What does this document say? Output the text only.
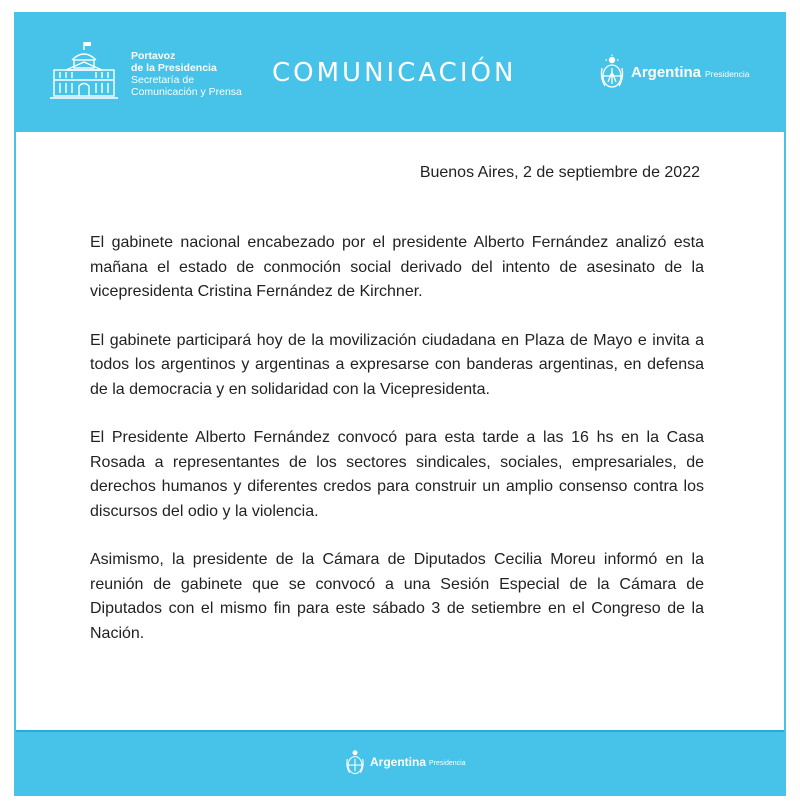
Portavoz
de la Presidencia
Secretaría de
Comunicación y Prensa
COMUNICACIÓN	Argentina Presidencia
Buenos Aires, 2 de septiembre de 2022

El gabinete nacional encabezado por el presidente Alberto Fernández analizó esta mañana el estado de conmoción social derivado del intento de asesinato de la vicepresidenta Cristina Fernández de Kirchner.

El gabinete participará hoy de la movilización ciudadana en Plaza de Mayo e invita a todos los argentinos y argentinas a expresarse con banderas argentinas, en defensa de la democracia y en solidaridad con la Vicepresidenta.

El Presidente Alberto Fernández convocó para esta tarde a las 16 hs en la Casa Rosada a representantes de los sectores sindicales, sociales, empresariales, de derechos humanos y diferentes credos para construir un amplio consenso contra los discursos del odio y la violencia.

Asimismo, la presidente de la Cámara de Diputados Cecilia Moreu informó en la reunión de gabinete que se convocó a una Sesión Especial de la Cámara de Diputados con el mismo fin para este sábado 3 de setiembre en el Congreso de la Nación.

Argentina Presidencia
